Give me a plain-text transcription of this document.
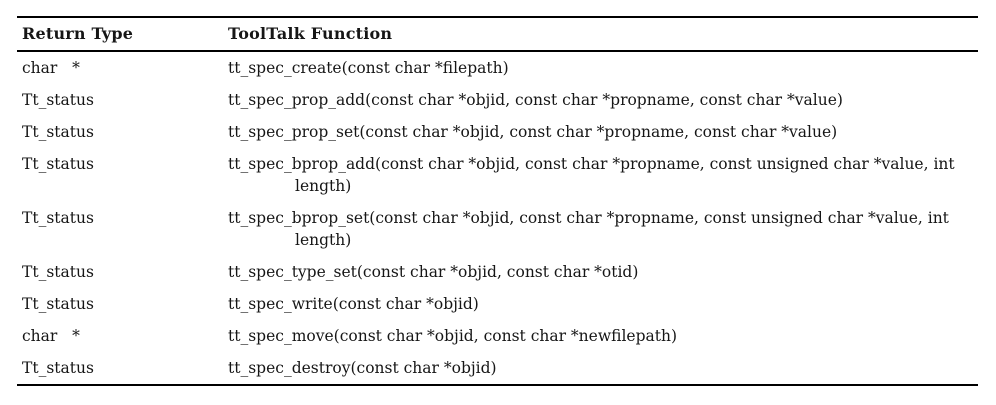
Return Type	ToolTalk Function
char   *	tt_spec_create(const char *filepath)
Tt_status	tt_spec_prop_add(const char *objid, const char *propname, const char *value)
Tt_status	tt_spec_prop_set(const char *objid, const char *propname, const char *value)
Tt_status	tt_spec_bprop_add(const char *objid, const char *propname, const unsigned char *value, int
length)
Tt_status	tt_spec_bprop_set(const char *objid, const char *propname, const unsigned char *value, int
length)
Tt_status	tt_spec_type_set(const char *objid, const char *otid)
Tt_status	tt_spec_write(const char *objid)
char   *	tt_spec_move(const char *objid, const char *newfilepath)
Tt_status	tt_spec_destroy(const char *objid)
